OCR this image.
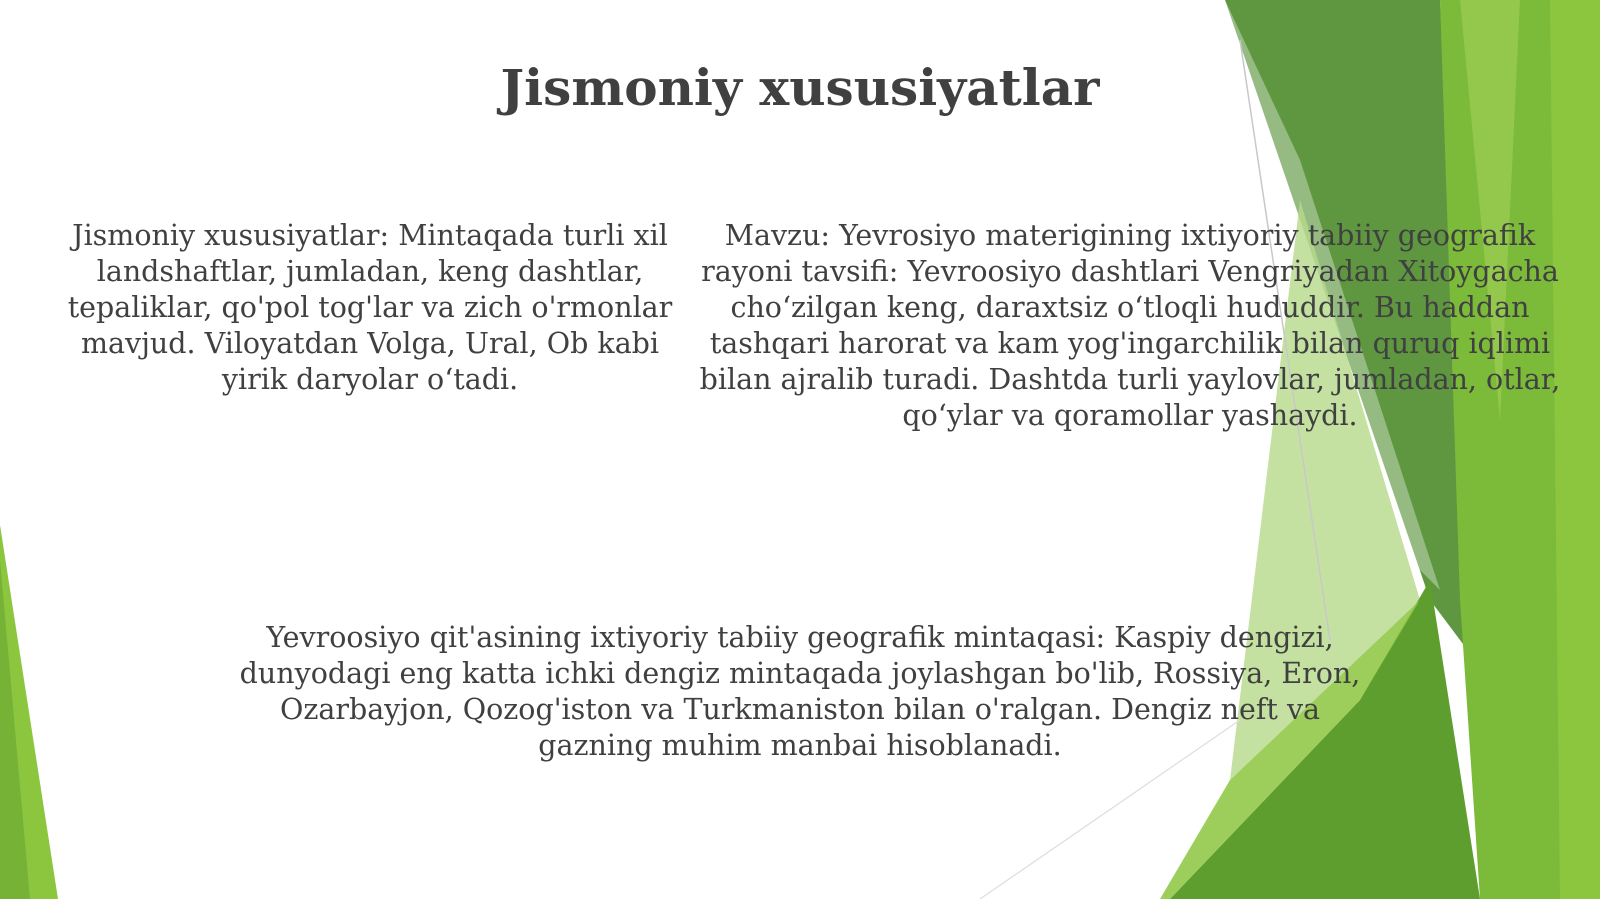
Jismoniy xususiyatlar

Jismoniy xususiyatlar: Mintaqada turli xil landshaftlar, jumladan, keng dashtlar, tepaliklar, qo'pol tog'lar va zich o'rmonlar mavjud. Viloyatdan Volga, Ural, Ob kabi yirik daryolar o‘tadi.

Mavzu: Yevrosiyo materigining ixtiyoriy tabiiy geografik rayoni tavsifi: Yevroosiyo dashtlari Vengriyadan Xitoygacha cho‘zilgan keng, daraxtsiz o‘tloqli hududdir. Bu haddan tashqari harorat va kam yog'ingarchilik bilan quruq iqlimi bilan ajralib turadi. Dashtda turli yaylovlar, jumladan, otlar, qo‘ylar va qoramollar yashaydi.

Yevroosiyo qit'asining ixtiyoriy tabiiy geografik mintaqasi: Kaspiy dengizi, dunyodagi eng katta ichki dengiz mintaqada joylashgan bo'lib, Rossiya, Eron, Ozarbayjon, Qozog'iston va Turkmaniston bilan o'ralgan. Dengiz neft va gazning muhim manbai hisoblanadi.
